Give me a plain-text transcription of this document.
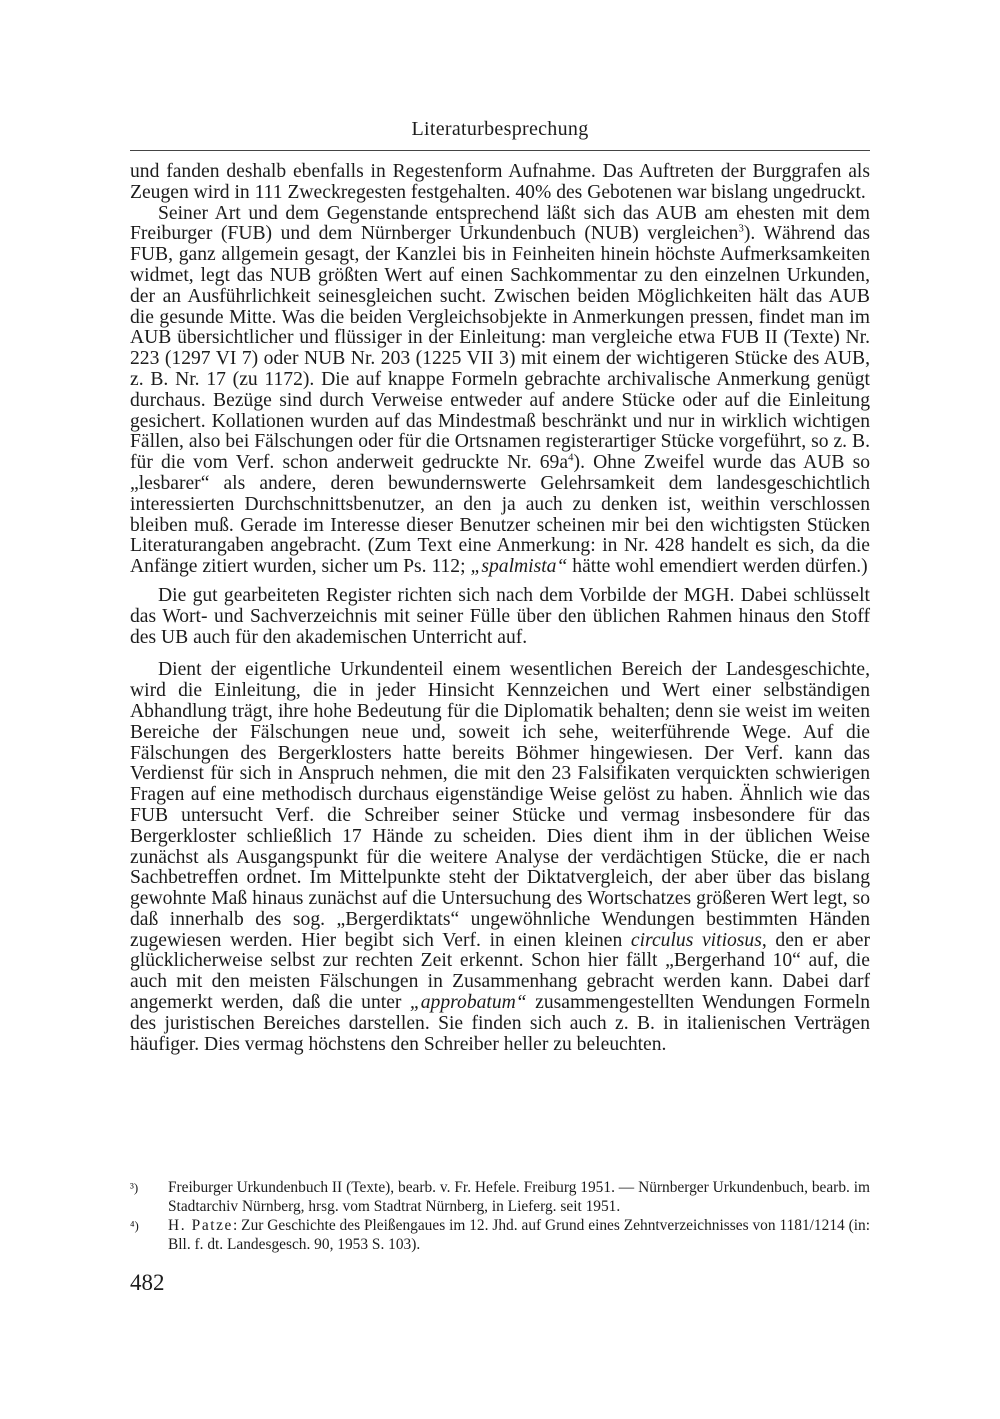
Literaturbesprechung

und fanden deshalb ebenfalls in Regestenform Aufnahme. Das Auftreten der Burggrafen als Zeugen wird in 111 Zweckregesten festgehalten. 40% des Gebotenen war bislang ungedruckt.

Seiner Art und dem Gegenstande entsprechend läßt sich das AUB am ehesten mit dem Freiburger (FUB) und dem Nürnberger Urkundenbuch (NUB) vergleichen$^3$). Während das FUB, ganz allgemein gesagt, der Kanzlei bis in Feinheiten hinein höchste Aufmerksamkeiten widmet, legt das NUB größten Wert auf einen Sachkommentar zu den einzelnen Urkunden, der an Ausführlichkeit seinesgleichen sucht. Zwischen beiden Möglichkeiten hält das AUB die gesunde Mitte. Was die beiden Vergleichsobjekte in Anmerkungen pressen, findet man im AUB übersichtlicher und flüssiger in der Einleitung: man vergleiche etwa FUB II (Texte) Nr. 223 (1297 VI 7) oder NUB Nr. 203 (1225 VII 3) mit einem der wichtigeren Stücke des AUB, z. B. Nr. 17 (zu 1172). Die auf knappe Formeln gebrachte archivalische Anmerkung genügt durchaus. Bezüge sind durch Verweise entweder auf andere Stücke oder auf die Einleitung gesichert. Kollationen wurden auf das Mindestmaß beschränkt und nur in wirklich wichtigen Fällen, also bei Fälschungen oder für die Ortsnamen registerartiger Stücke vorgeführt, so z. B. für die vom Verf. schon anderweit gedruckte Nr. 69a$^4$). Ohne Zweifel wurde das AUB so „lesbarer“ als andere, deren bewundernswerte Gelehrsamkeit dem landesgeschichtlich interessierten Durchschnittsbenutzer, an den ja auch zu denken ist, weithin verschlossen bleiben muß. Gerade im Interesse dieser Benutzer scheinen mir bei den wichtigsten Stücken Literaturangaben angebracht. (Zum Text eine Anmerkung: in Nr. 428 handelt es sich, da die Anfänge zitiert wurden, sicher um Ps. 112; „spalmista“ hätte wohl emendiert werden dürfen.)

Die gut gearbeiteten Register richten sich nach dem Vorbilde der MGH. Dabei schlüsselt das Wort- und Sachverzeichnis mit seiner Fülle über den üblichen Rahmen hinaus den Stoff des UB auch für den akademischen Unterricht auf.

Dient der eigentliche Urkundenteil einem wesentlichen Bereich der Landesgeschichte, wird die Einleitung, die in jeder Hinsicht Kennzeichen und Wert einer selbständigen Abhandlung trägt, ihre hohe Bedeutung für die Diplomatik behalten; denn sie weist im weiten Bereiche der Fälschungen neue und, soweit ich sehe, weiterführende Wege. Auf die Fälschungen des Bergerklosters hatte bereits Böhmer hingewiesen. Der Verf. kann das Verdienst für sich in Anspruch nehmen, die mit den 23 Falsifikaten verquickten schwierigen Fragen auf eine methodisch durchaus eigenständige Weise gelöst zu haben. Ähnlich wie das FUB untersucht Verf. die Schreiber seiner Stücke und vermag insbesondere für das Bergerkloster schließlich 17 Hände zu scheiden. Dies dient ihm in der üblichen Weise zunächst als Ausgangspunkt für die weitere Analyse der verdächtigen Stücke, die er nach Sachbetreffen ordnet. Im Mittelpunkte steht der Diktatvergleich, der aber über das bislang gewohnte Maß hinaus zunächst auf die Untersuchung des Wortschatzes größeren Wert legt, so daß innerhalb des sog. „Bergerdiktats“ ungewöhnliche Wendungen bestimmten Händen zugewiesen werden. Hier begibt sich Verf. in einen kleinen circulus vitiosus, den er aber glücklicherweise selbst zur rechten Zeit erkennt. Schon hier fällt „Bergerhand 10“ auf, die auch mit den meisten Fälschungen in Zusammenhang gebracht werden kann. Dabei darf angemerkt werden, daß die unter „approbatum“ zusammengestellten Wendungen Formeln des juristischen Bereiches darstellen. Sie finden sich auch z. B. in italienischen Verträgen häufiger. Dies vermag höchstens den Schreiber heller zu beleuchten.

³)	Freiburger Urkundenbuch II (Texte), bearb. v. Fr. Hefele. Freiburg 1951. — Nürnberger Urkundenbuch, bearb. im Stadtarchiv Nürnberg, hrsg. vom Stadtrat Nürnberg, in Lieferg. seit 1951.
⁴)	H. Patze: Zur Geschichte des Pleißengaues im 12. Jhd. auf Grund eines Zehntverzeichnisses von 1181/1214 (in: Bll. f. dt. Landesgesch. 90, 1953 S. 103).
482
